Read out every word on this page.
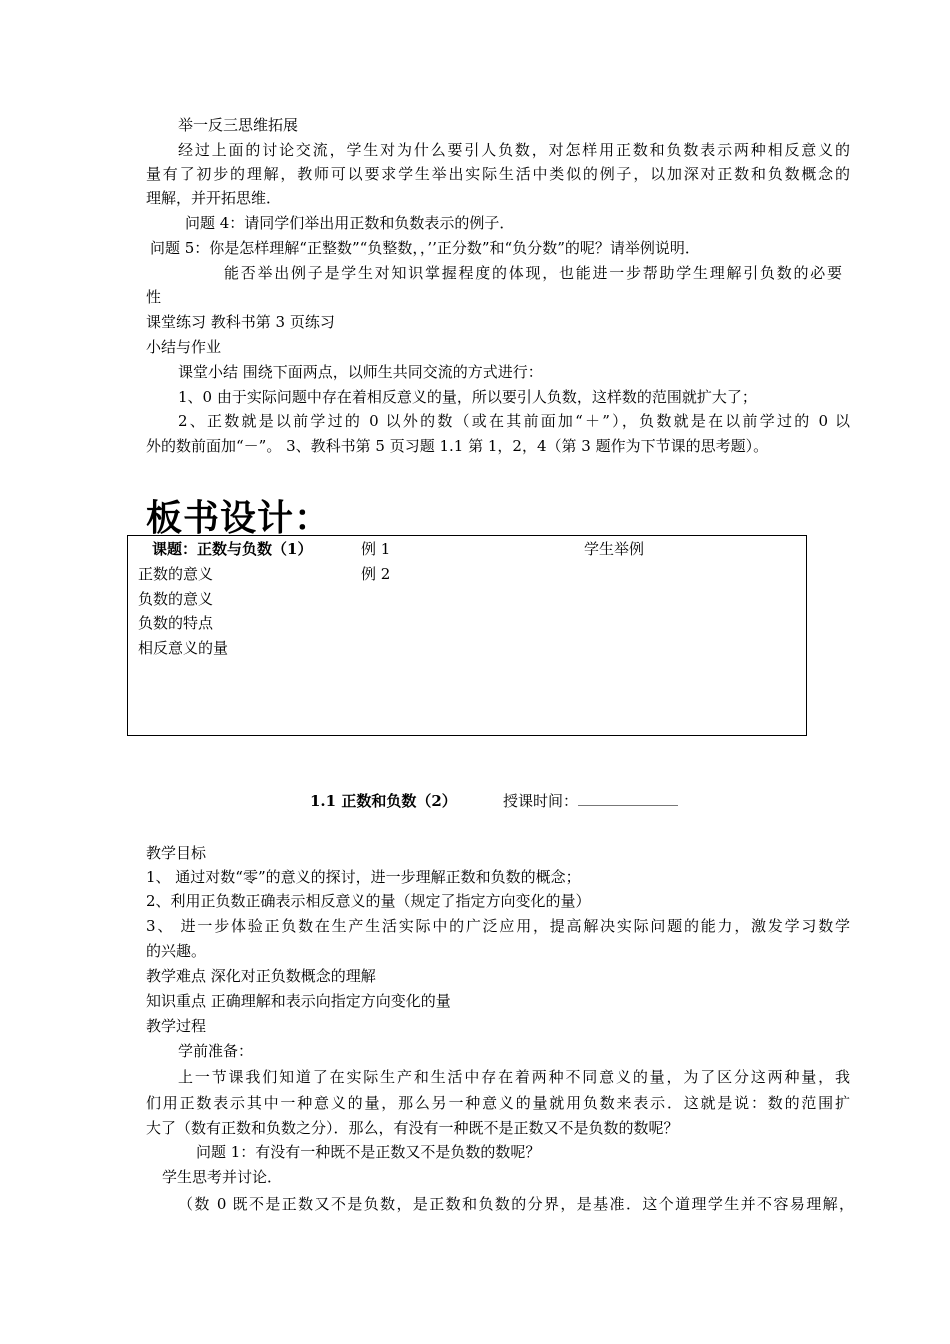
举一反三思维拓展
经过上面的讨论交流，学生对为什么要引人负数，对怎样用正数和负数表示两种相反意义的
量有了初步的理解，教师可以要求学生举出实际生活中类似的例子，以加深对正数和负数概念的
理解，并开拓思维．
问题 4：请同学们举出用正数和负数表示的例子．
问题 5：你是怎样理解“正整数”“负整数，，’’正分数”和“负分数”的呢？请举例说明．
能否举出例子是学生对知识掌握程度的体现，也能进一步帮助学生理解引负数的必要
性
课堂练习 教科书第 3 页练习
小结与作业
课堂小结 围绕下面两点，以师生共同交流的方式进行：
1、0 由于实际问题中存在着相反意义的量，所以要引人负数，这样数的范围就扩大了；
2、正数就是以前学过的 0 以外的数（或在其前面加“＋”），负数就是在以前学过的 0 以
外的数前面加“－”。 3、教科书第 5 页习题 1.1 第 1，2，4（第 3 题作为下节课的思考题）。
板书设计：
课题：正数与负数（1）	例 1	学生举例
正数的意义	例 2
负数的意义
负数的特点
相反意义的量
1.1 正数和负数（2）	授课时间：
教学目标
1、 通过对数“零”的意义的探讨，进一步理解正数和负数的概念；
2、利用正负数正确表示相反意义的量（规定了指定方向变化的量）
3、 进一步体验正负数在生产生活实际中的广泛应用，提高解决实际问题的能力，激发学习数学
的兴趣。
教学难点 深化对正负数概念的理解
知识重点 正确理解和表示向指定方向变化的量
教学过程
学前准备：
上一节课我们知道了在实际生产和生活中存在着两种不同意义的量，为了区分这两种量，我
们用正数表示其中一种意义的量，那么另一种意义的量就用负数来表示．这就是说：数的范围扩
大了（数有正数和负数之分）．那么，有没有一种既不是正数又不是负数的数呢？
问题 1：有没有一种既不是正数又不是负数的数呢？
学生思考并讨论．
（数 0 既不是正数又不是负数，是正数和负数的分界，是基准．这个道理学生并不容易理解，
